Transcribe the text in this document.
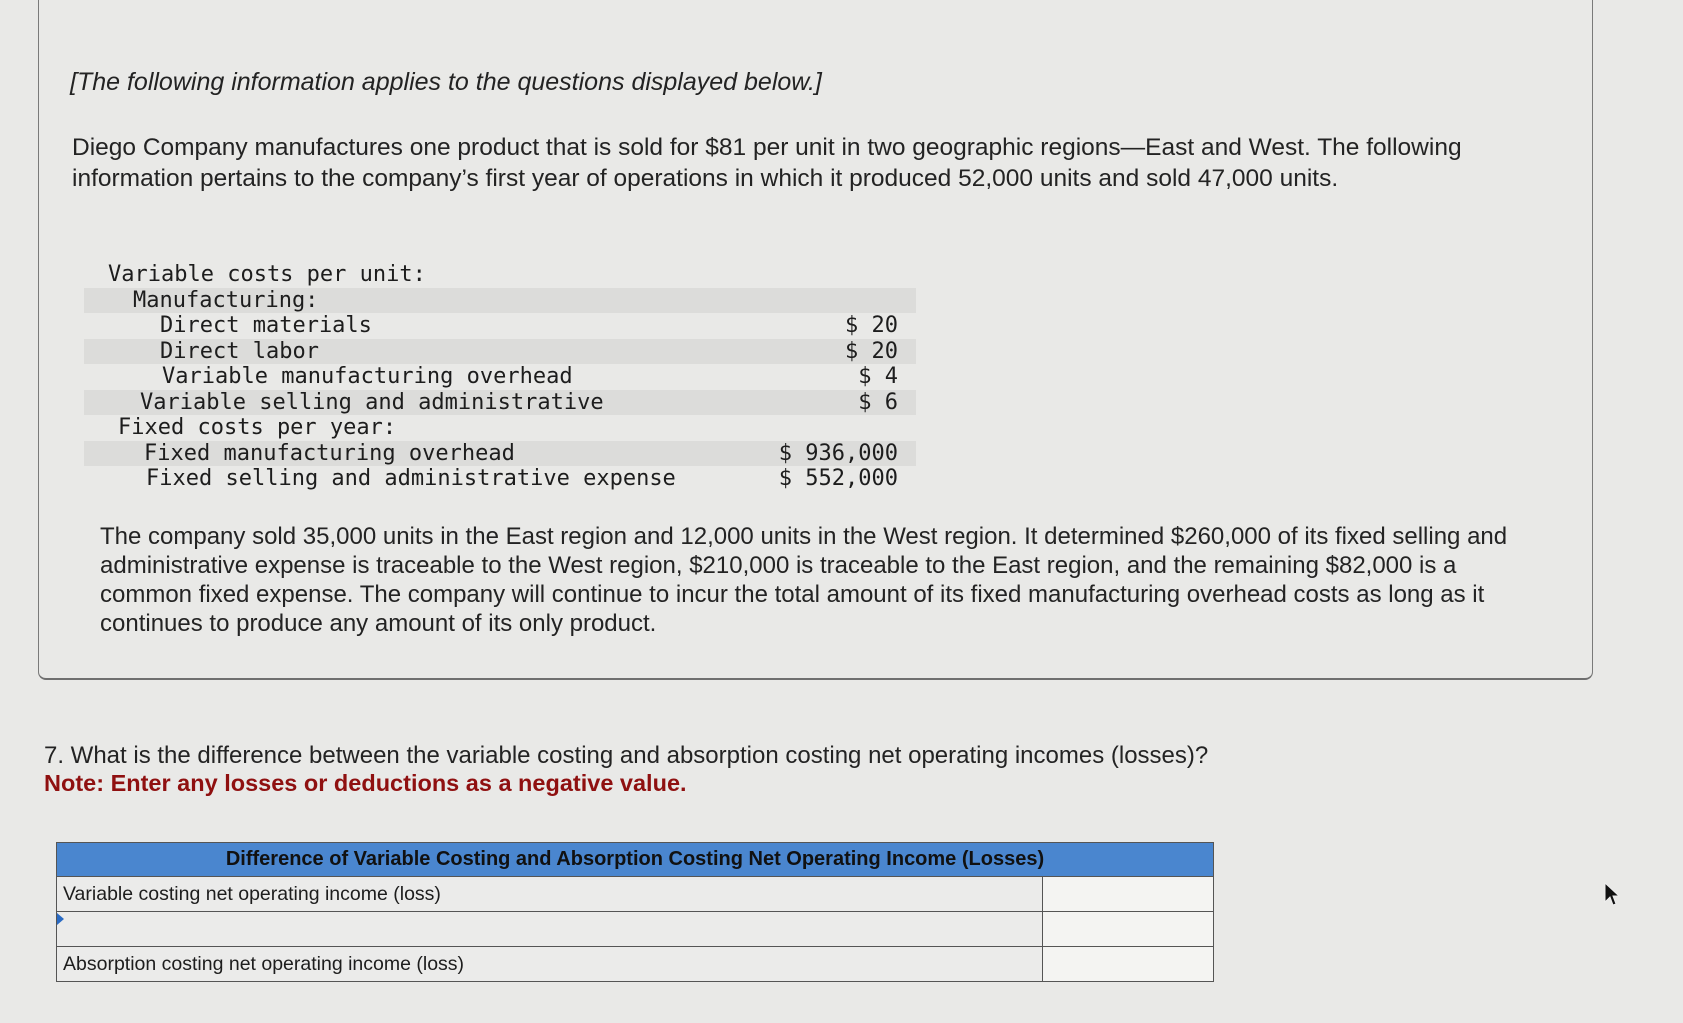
[The following information applies to the questions displayed below.]
Diego Company manufactures one product that is sold for $81 per unit in two geographic regions—East and West. The following information pertains to the company’s first year of operations in which it produced 52,000 units and sold 47,000 units.
Variable costs per unit:
Manufacturing:
Direct materials	$ 20
Direct labor	$ 20
Variable manufacturing overhead	$ 4
Variable selling and administrative	$ 6
Fixed costs per year:
Fixed manufacturing overhead	$ 936,000
Fixed selling and administrative expense	$ 552,000
The company sold 35,000 units in the East region and 12,000 units in the West region. It determined $260,000 of its fixed selling and administrative expense is traceable to the West region, $210,000 is traceable to the East region, and the remaining $82,000 is a common fixed expense. The company will continue to incur the total amount of its fixed manufacturing overhead costs as long as it continues to produce any amount of its only product.
7. What is the difference between the variable costing and absorption costing net operating incomes (losses)?
Note: Enter any losses or deductions as a negative value.
Difference of Variable Costing and Absorption Costing Net Operating Income (Losses)
Variable costing net operating income (loss)
Absorption costing net operating income (loss)
